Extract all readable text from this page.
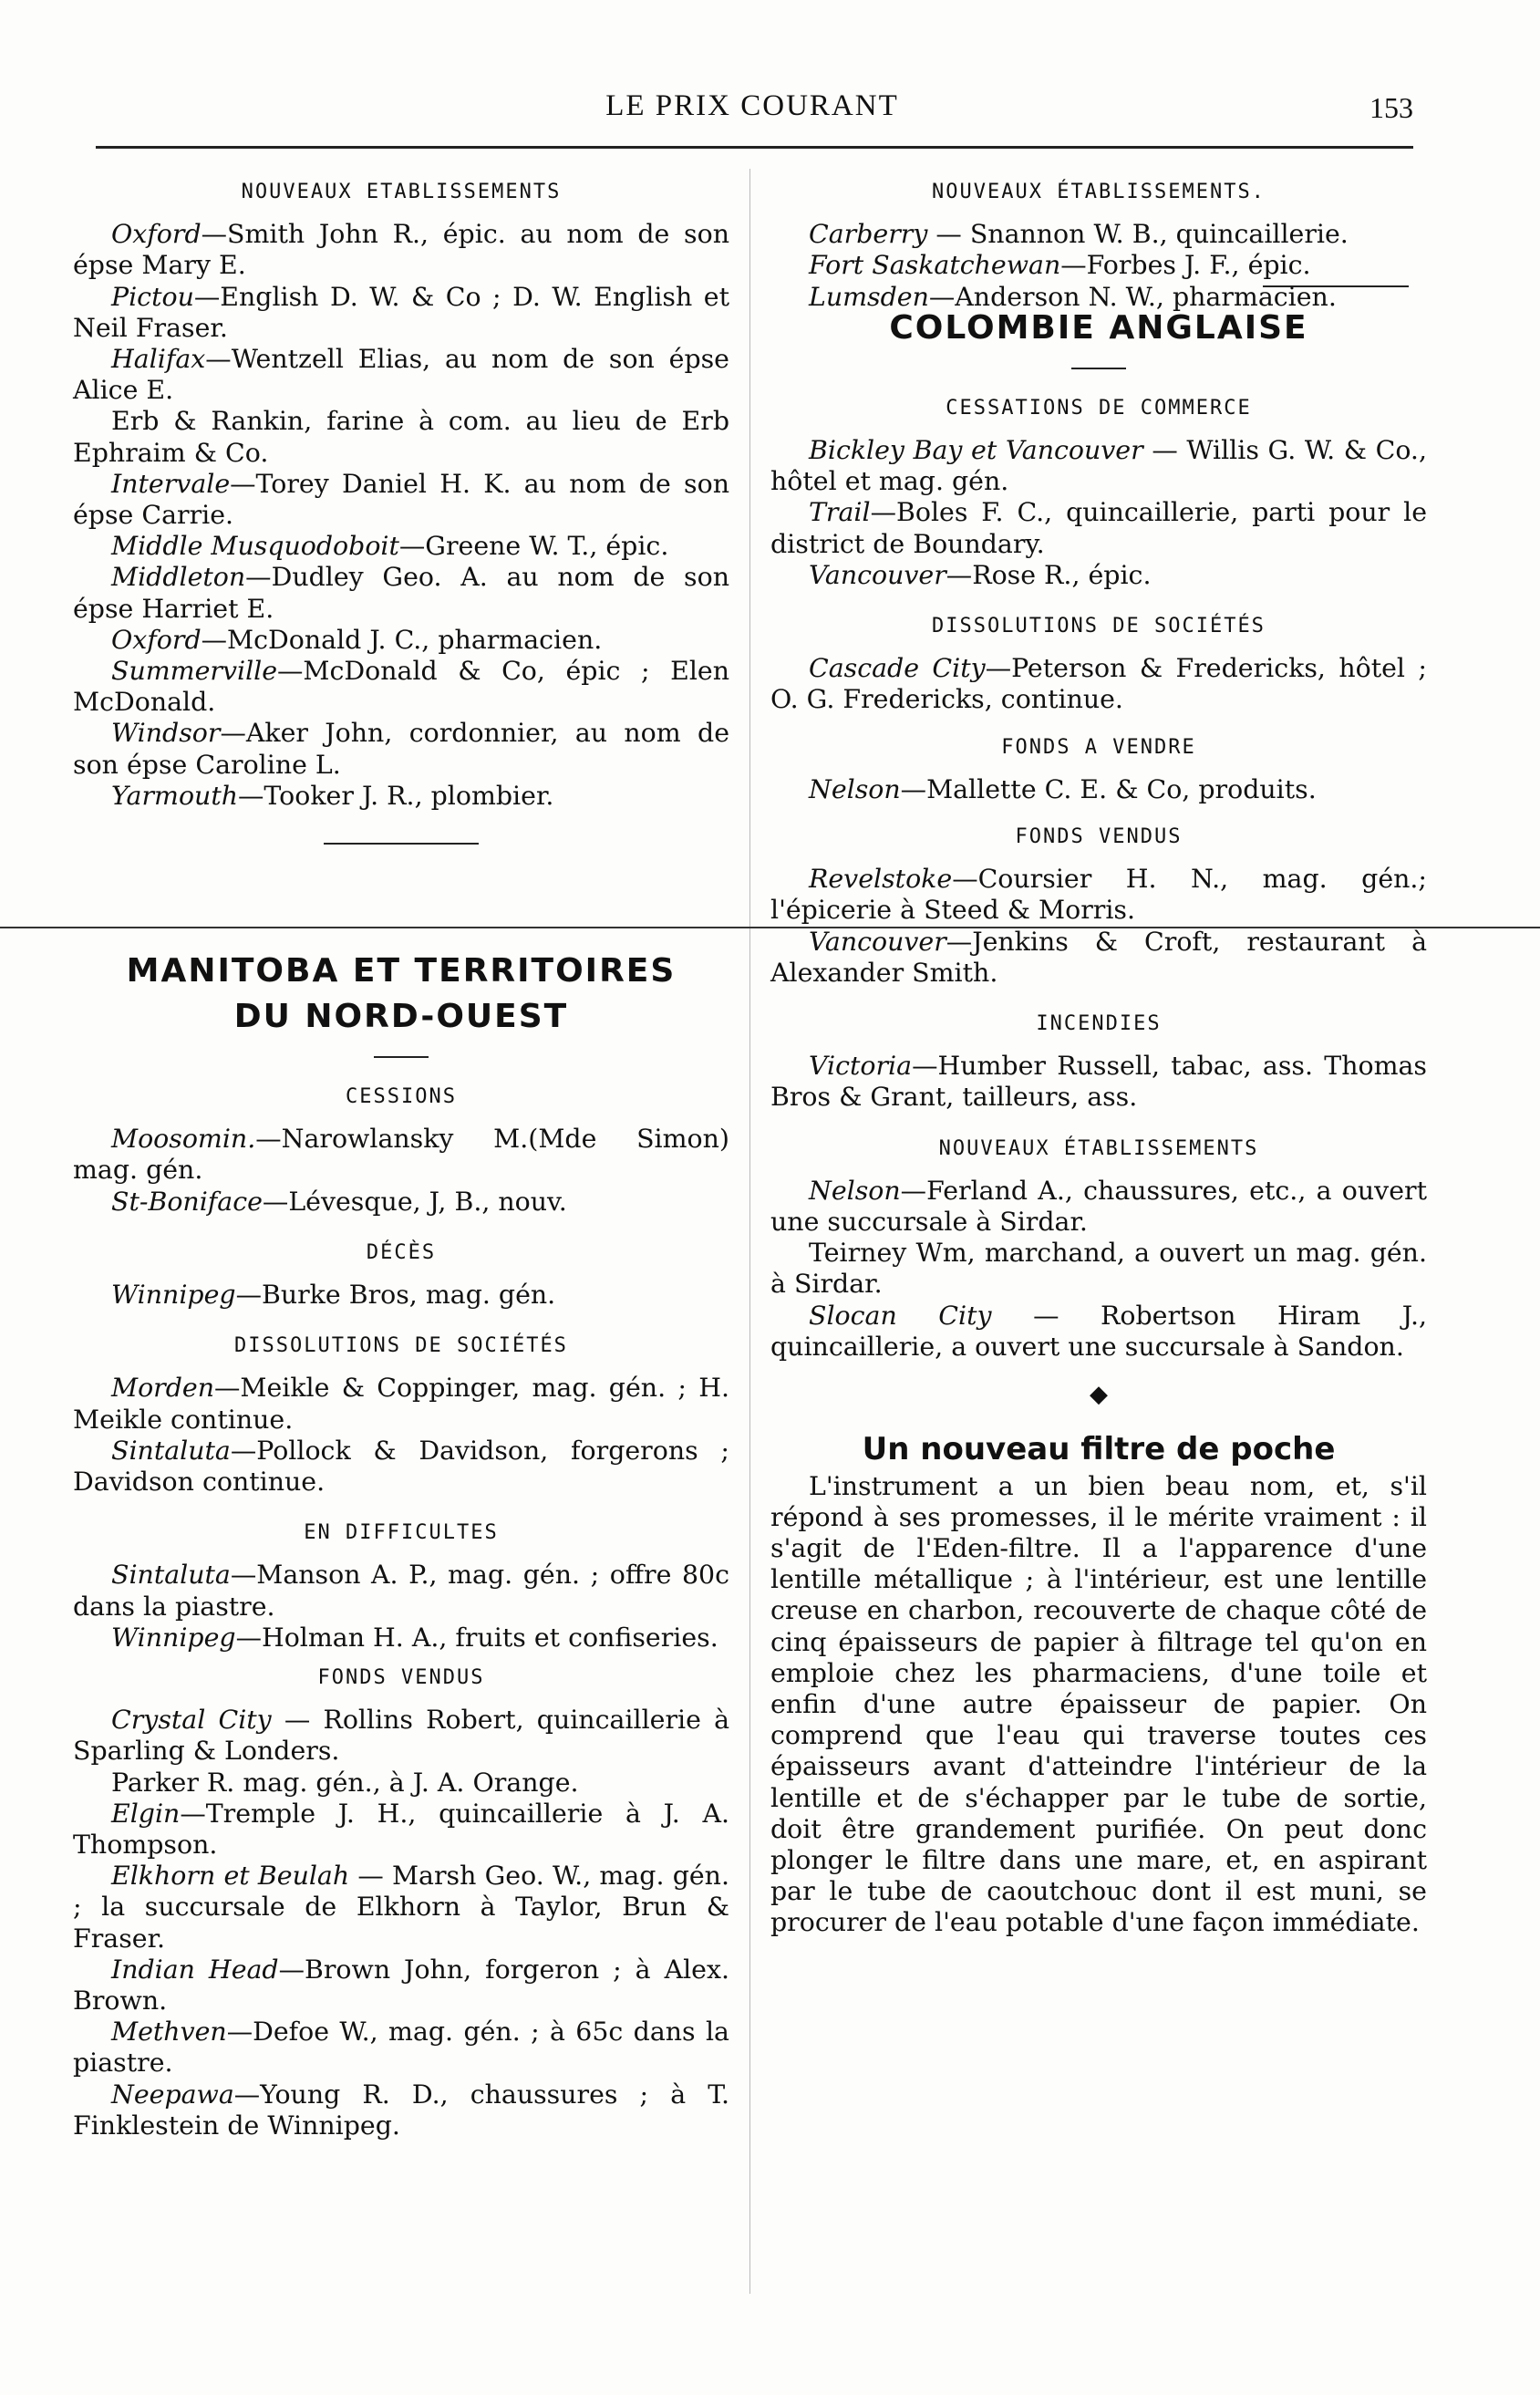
LE PRIX COURANT	153
NOUVEAUX ETABLISSEMENTS

Oxford—Smith John R., épic. au nom de son épse Mary E.

Pictou—English D. W. & Co ; D. W. English et Neil Fraser.

Halifax—Wentzell Elias, au nom de son épse Alice E.

Erb & Rankin, farine à com. au lieu de Erb Ephraim & Co.

Intervale—Torey Daniel H. K. au nom de son épse Carrie.

Middle Musquodoboit—Greene W. T., épic.

Middleton—Dudley Geo. A. au nom de son épse Harriet E.

Oxford—McDonald J. C., pharmacien.

Summerville—McDonald & Co, épic ; Elen McDonald.

Windsor—Aker John, cordonnier, au nom de son épse Caroline L.

Yarmouth—Tooker J. R., plombier.

MANITOBA ET TERRITOIRES
DU NORD-OUEST
CESSIONS

Moosomin.—Narowlansky M.(Mde Simon) mag. gén.

St-Boniface—Lévesque, J, B., nouv.

DÉCÈS

Winnipeg—Burke Bros, mag. gén.

DISSOLUTIONS DE SOCIÉTÉS

Morden—Meikle & Coppinger, mag. gén. ; H. Meikle continue.

Sintaluta—Pollock & Davidson, forgerons ; Davidson continue.

EN DIFFICULTES

Sintaluta—Manson A. P., mag. gén. ; offre 80c dans la piastre.

Winnipeg—Holman H. A., fruits et confiseries.

FONDS VENDUS

Crystal City — Rollins Robert, quincaillerie à Sparling & Londers.

Parker R. mag. gén., à J. A. Orange.

Elgin—Tremple J. H., quincaillerie à J. A. Thompson.

Elkhorn et Beulah — Marsh Geo. W., mag. gén. ; la succursale de Elkhorn à Taylor, Brun & Fraser.

Indian Head—Brown John, forgeron ; à Alex. Brown.

Methven—Defoe W., mag. gén. ; à 65c dans la piastre.

Neepawa—Young R. D., chaussures ; à T. Finklestein de Winnipeg.

NOUVEAUX ÉTABLISSEMENTS.

Carberry — Snannon W. B., quincaillerie.

Fort Saskatchewan—Forbes J. F., épic.

Lumsden—Anderson N. W., pharmacien.

COLOMBIE ANGLAISE
CESSATIONS DE COMMERCE

Bickley Bay et Vancouver — Willis G. W. & Co., hôtel et mag. gén.

Trail—Boles F. C., quincaillerie, parti pour le district de Boundary.

Vancouver—Rose R., épic.

DISSOLUTIONS DE SOCIÉTÉS

Cascade City—Peterson & Fredericks, hôtel ; O. G. Fredericks, continue.

FONDS A VENDRE

Nelson—Mallette C. E. & Co, produits.

FONDS VENDUS

Revelstoke—Coursier H. N., mag. gén.; l'épicerie à Steed & Morris.

Vancouver—Jenkins & Croft, restaurant à Alexander Smith.

INCENDIES

Victoria—Humber Russell, tabac, ass. Thomas Bros & Grant, tailleurs, ass.

NOUVEAUX ÉTABLISSEMENTS

Nelson—Ferland A., chaussures, etc., a ouvert une succursale à Sirdar.

Teirney Wm, marchand, a ouvert un mag. gén. à Sirdar.

Slocan City — Robertson Hiram J., quincaillerie, a ouvert une succursale à Sandon.

◆
Un nouveau filtre de poche

L'instrument a un bien beau nom, et, s'il répond à ses promesses, il le mérite vraiment : il s'agit de l'Eden-filtre. Il a l'apparence d'une lentille métallique ; à l'intérieur, est une lentille creuse en charbon, recouverte de chaque côté de cinq épaisseurs de papier à filtrage tel qu'on en emploie chez les pharmaciens, d'une toile et enfin d'une autre épaisseur de papier. On comprend que l'eau qui traverse toutes ces épaisseurs avant d'atteindre l'intérieur de la lentille et de s'échapper par le tube de sortie, doit être grandement purifiée. On peut donc plonger le filtre dans une mare, et, en aspirant par le tube de caoutchouc dont il est muni, se procurer de l'eau potable d'une façon immédiate.
